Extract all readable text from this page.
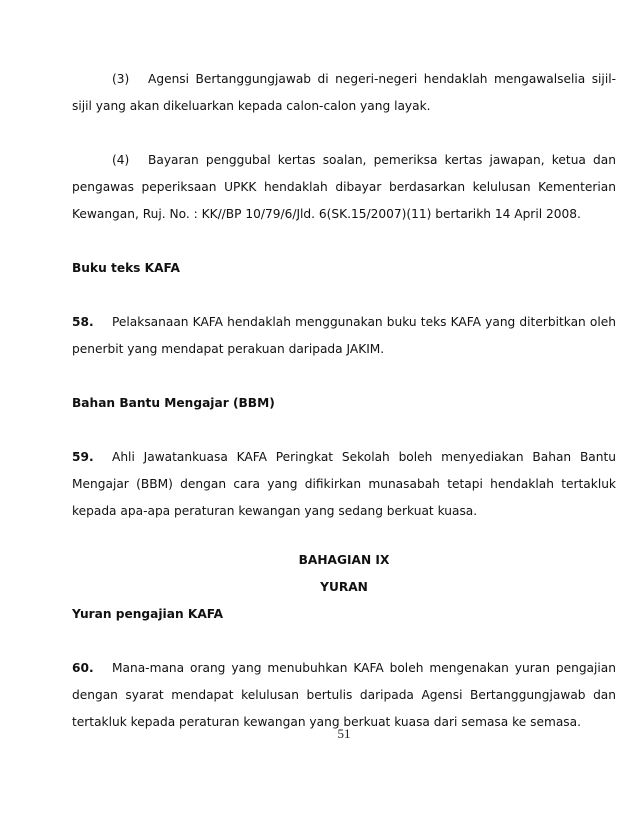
(3) Agensi Bertanggungjawab di negeri-negeri hendaklah mengawalselia sijil-sijil yang akan dikeluarkan kepada calon-calon yang layak.

(4) Bayaran penggubal kertas soalan, pemeriksa kertas jawapan, ketua dan pengawas peperiksaan UPKK hendaklah dibayar berdasarkan kelulusan Kementerian Kewangan, Ruj. No. : KK//BP 10/79/6/Jld. 6(SK.15/2007)(11) bertarikh 14 April 2008.

Buku teks KAFA

58. Pelaksanaan KAFA hendaklah menggunakan buku teks KAFA yang diterbitkan oleh penerbit yang mendapat perakuan daripada JAKIM.

Bahan Bantu Mengajar (BBM)

59. Ahli Jawatankuasa KAFA Peringkat Sekolah boleh menyediakan Bahan Bantu Mengajar (BBM) dengan cara yang difikirkan munasabah tetapi hendaklah tertakluk kepada apa-apa peraturan kewangan yang sedang berkuat kuasa.

BAHAGIAN IX

YURAN

Yuran pengajian KAFA

60. Mana-mana orang yang menubuhkan KAFA boleh mengenakan yuran pengajian dengan syarat mendapat kelulusan bertulis daripada Agensi Bertanggungjawab dan tertakluk kepada peraturan kewangan yang berkuat kuasa dari semasa ke semasa.

51
